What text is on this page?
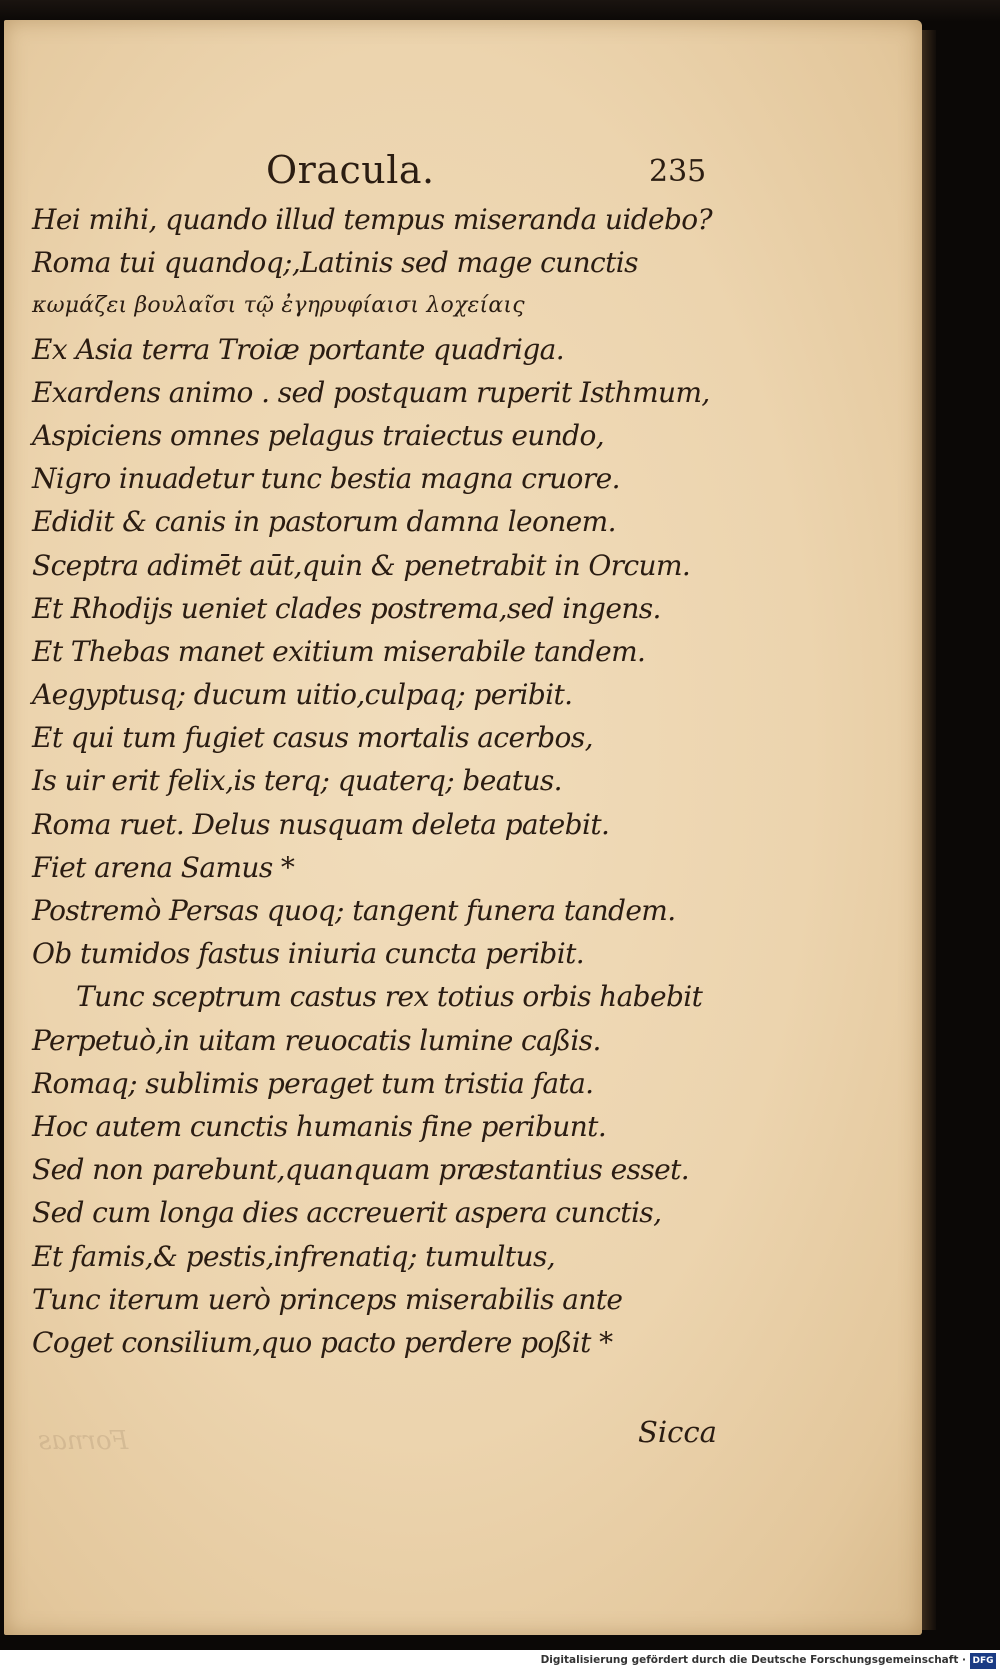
Oracula.	235
Hei mihi, quando illud tempus miseranda uidebo?
Roma tui quandoq;,Latinis sed mage cunctis
κωμάζει βουλαῖσι τῷ ἐγηρυφίαισι λοχείαις
Ex Asia terra Troiæ portante quadriga.
Exardens animo . sed postquam ruperit Isthmum,
Aspiciens omnes pelagus traiectus eundo,
Nigro inuadetur tunc bestia magna cruore.
Edidit & canis in pastorum damna leonem.
Sceptra adimēt aūt,quin & penetrabit in Orcum.
Et Rhodijs ueniet clades postrema,sed ingens.
Et Thebas manet exitium miserabile tandem.
Aegyptusq; ducum uitio,culpaq; peribit.
Et qui tum fugiet casus mortalis acerbos,
Is uir erit felix,is terq; quaterq; beatus.
Roma ruet. Delus nusquam deleta patebit.
Fiet arena Samus *
Postremò Persas quoq; tangent funera tandem.
Ob tumidos fastus iniuria cuncta peribit.
Tunc sceptrum castus rex totius orbis habebit
Perpetuò,in uitam reuocatis lumine caßis.
Romaq; sublimis peraget tum tristia fata.
Hoc autem cunctis humanis fine peribunt.
Sed non parebunt,quanquam præstantius esset.
Sed cum longa dies accreuerit aspera cunctis,
Et famis,& pestis,infrenatiq; tumultus,
Tunc iterum uerò princeps miserabilis ante
Coget consilium,quo pacto perdere poßit *
Fornas	Sicca
Digitalisierung gefördert durch die Deutsche Forschungsgemeinschaft · DFG
